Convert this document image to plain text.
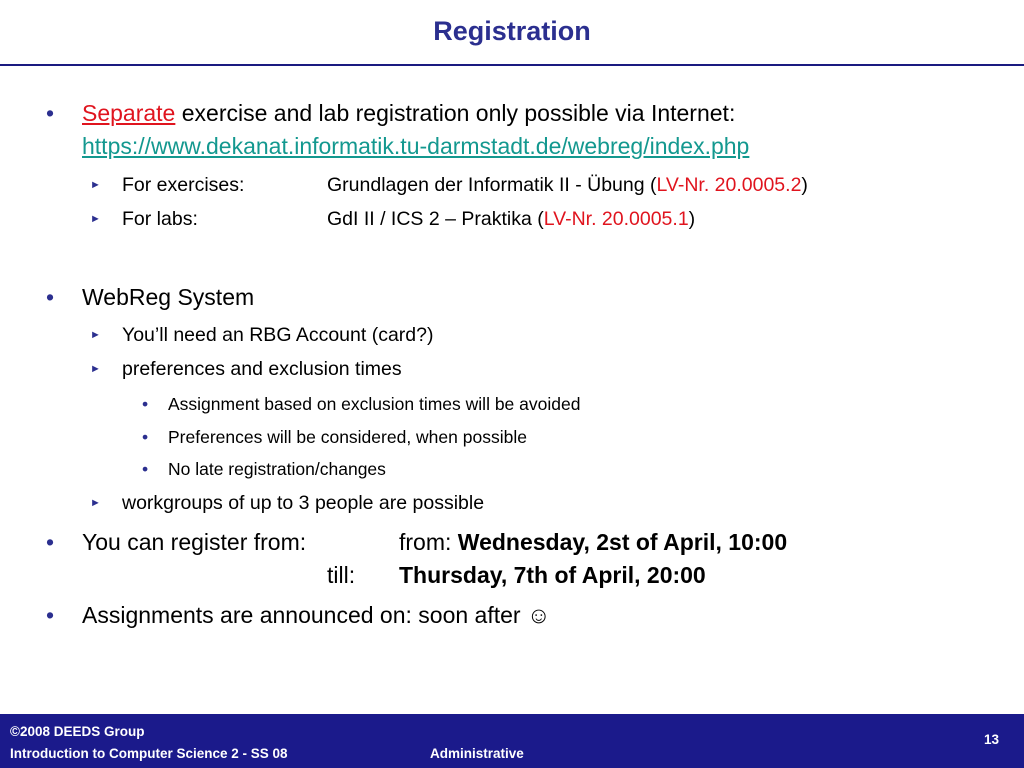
Registration
• Separate exercise and lab registration only possible via Internet:
https://www.dekanat.informatik.tu-darmstadt.de/webreg/index.php
► For exercises:	Grundlagen der Informatik II - Übung (LV-Nr. 20.0005.2)
► For labs:	GdI II / ICS 2 – Praktika (LV-Nr. 20.0005.1)
• WebReg System
► You’ll need an RBG Account (card?)
► preferences and exclusion times
• Assignment based on exclusion times will be avoided
• Preferences will be considered, when possible
• No late registration/changes
► workgroups of up to 3 people are possible
• You can register from:	from: Wednesday, 2st of April, 10:00
till: Thursday, 7th of April, 20:00
• Assignments are announced on: soon after ☺
©2008 DEEDS Group
Introduction to Computer Science 2 - SS 08	Administrative
13
